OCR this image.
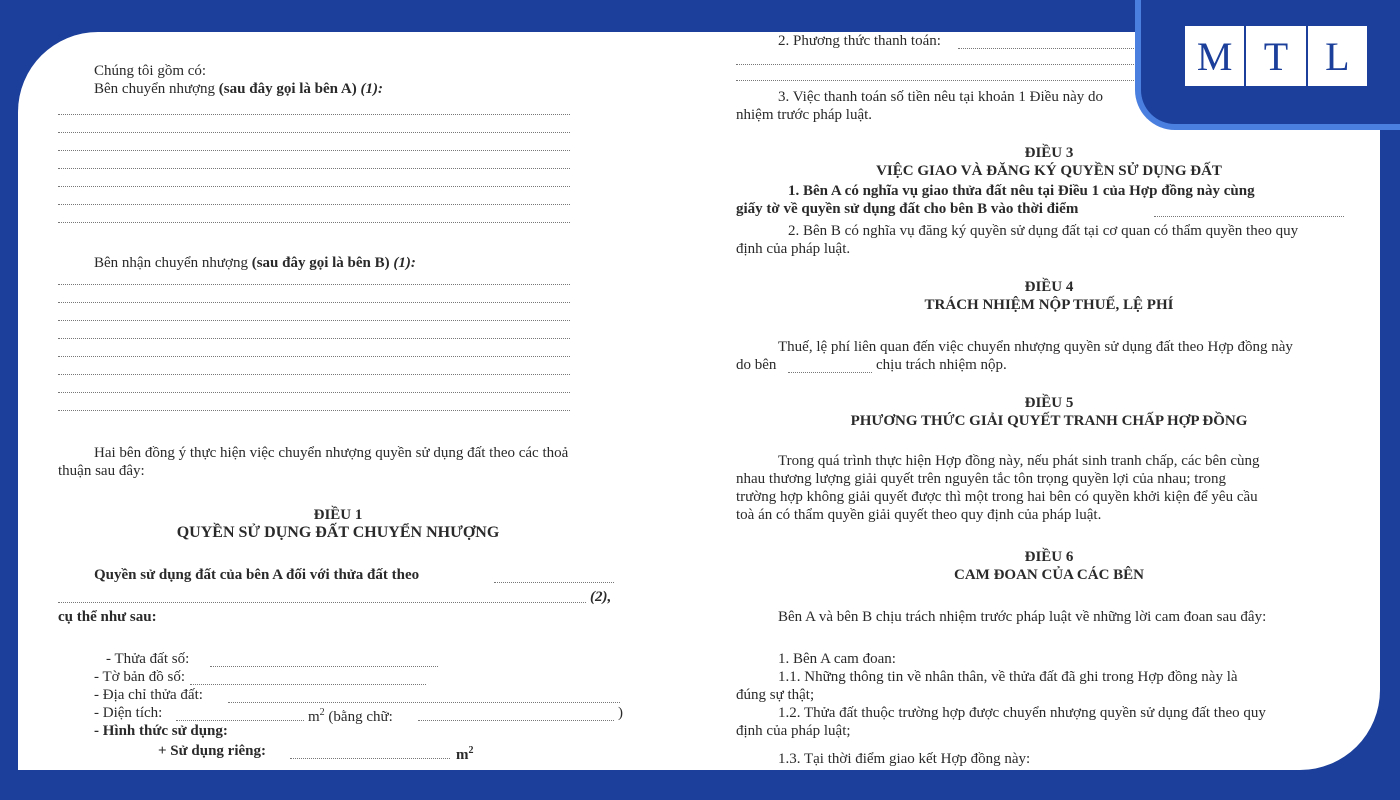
Chúng tôi gồm có:
Bên chuyển nhượng (sau đây gọi là bên A) (1):
Bên nhận chuyển nhượng (sau đây gọi là bên B) (1):
Hai bên đồng ý thực hiện việc chuyển nhượng quyền sử dụng đất theo các thoả
thuận sau đây:
ĐIỀU 1
QUYỀN SỬ DỤNG ĐẤT CHUYỂN NHƯỢNG
Quyền sử dụng đất của bên A đối với thửa đất theo
(2),
cụ thể như sau:
- Thửa đất số:
- Tờ bản đồ số:
- Địa chỉ thửa đất:
- Diện tích:	$m^2$ (bằng chữ:	)
- Hình thức sử dụng:
+ Sử dụng riêng:	$m^2$
2. Phương thức thanh toán:
3. Việc thanh toán số tiền nêu tại khoản 1 Điều này do
nhiệm trước pháp luật.
ĐIỀU 3
VIỆC GIAO VÀ ĐĂNG KÝ QUYỀN SỬ DỤNG ĐẤT
1. Bên A có nghĩa vụ giao thửa đất nêu tại Điều 1 của Hợp đồng này cùng
giấy tờ về quyền sử dụng đất cho bên B vào thời điểm
2. Bên B có nghĩa vụ đăng ký quyền sử dụng đất tại cơ quan có thẩm quyền theo quy
định của pháp luật.
ĐIỀU 4
TRÁCH NHIỆM NỘP THUẾ, LỆ PHÍ
Thuế, lệ phí liên quan đến việc chuyển nhượng quyền sử dụng đất theo Hợp đồng này
do bên	chịu trách nhiệm nộp.
ĐIỀU 5
PHƯƠNG THỨC GIẢI QUYẾT TRANH CHẤP HỢP ĐỒNG
Trong quá trình thực hiện Hợp đồng này, nếu phát sinh tranh chấp, các bên cùng
nhau thương lượng giải quyết trên nguyên tắc tôn trọng quyền lợi của nhau; trong
trường hợp không giải quyết được thì một trong hai bên có quyền khởi kiện để yêu cầu
toà án có thẩm quyền giải quyết theo quy định của pháp luật.
ĐIỀU 6
CAM ĐOAN CỦA CÁC BÊN
Bên A và bên B chịu trách nhiệm trước pháp luật về những lời cam đoan sau đây:
1. Bên A cam đoan:
1.1. Những thông tin về nhân thân, về thửa đất đã ghi trong Hợp đồng này là
đúng sự thật;
1.2. Thửa đất thuộc trường hợp được chuyển nhượng quyền sử dụng đất theo quy
định của pháp luật;
1.3. Tại thời điểm giao kết Hợp đồng này:
M T L
